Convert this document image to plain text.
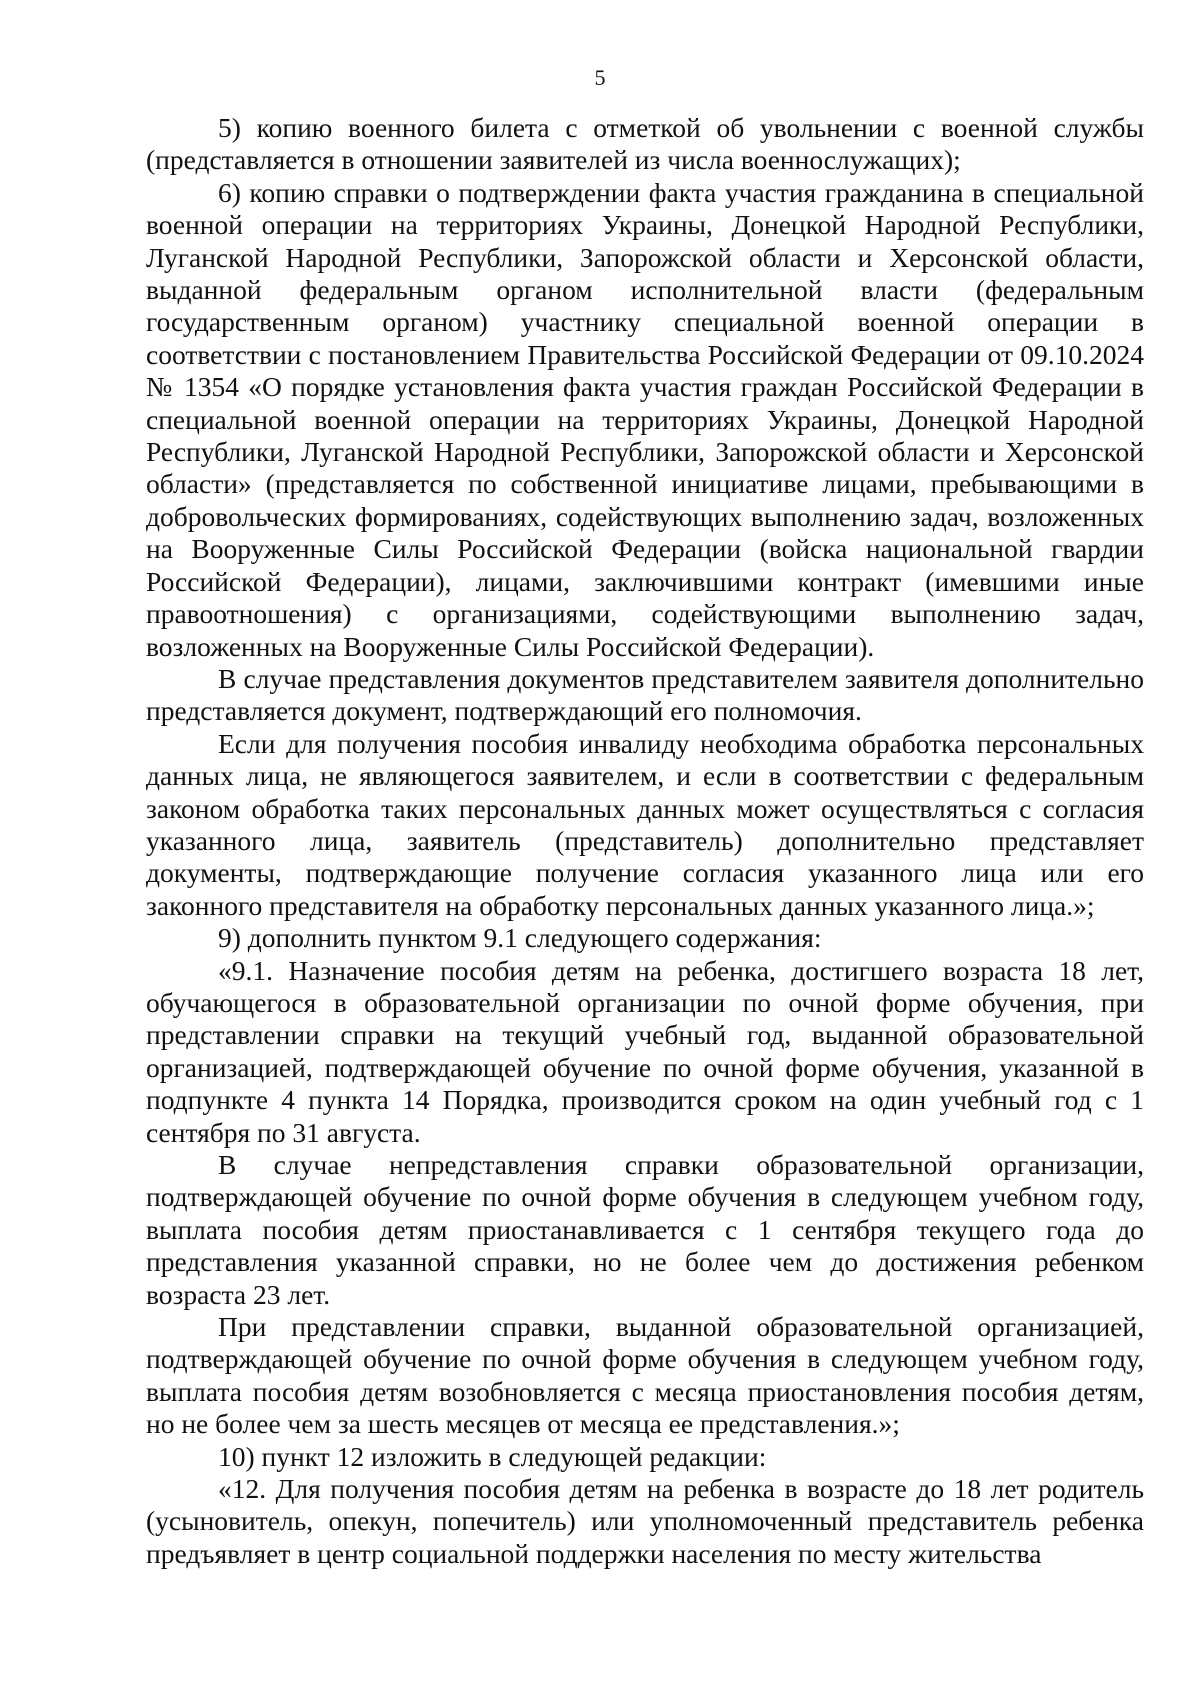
5

5) копию военного билета с отметкой об увольнении с военной службы (представляется в отношении заявителей из числа военнослужащих);

6) копию справки о подтверждении факта участия гражданина в специальной военной операции на территориях Украины, Донецкой Народной Республики, Луганской Народной Республики, Запорожской области и Херсонской области, выданной федеральным органом исполнительной власти (федеральным государственным органом) участнику специальной военной операции в соответствии с постановлением Правительства Российской Федерации от 09.10.2024 № 1354 «О порядке установления факта участия граждан Российской Федерации в специальной военной операции на территориях Украины, Донецкой Народной Республики, Луганской Народной Республики, Запорожской области и Херсонской области» (представляется по собственной инициативе лицами, пребывающими в добровольческих формированиях, содействующих выполнению задач, возложенных на Вооруженные Силы Российской Федерации (войска национальной гвардии Российской Федерации), лицами, заключившими контракт (имевшими иные правоотношения) с организациями, содействующими выполнению задач, возложенных на Вооруженные Силы Российской Федерации).

В случае представления документов представителем заявителя дополнительно представляется документ, подтверждающий его полномочия.

Если для получения пособия инвалиду необходима обработка персональных данных лица, не являющегося заявителем, и если в соответствии с федеральным законом обработка таких персональных данных может осуществляться с согласия указанного лица, заявитель (представитель) дополнительно представляет документы, подтверждающие получение согласия указанного лица или его законного представителя на обработку персональных данных указанного лица.»;

9) дополнить пунктом 9.1 следующего содержания:

«9.1. Назначение пособия детям на ребенка, достигшего возраста 18 лет, обучающегося в образовательной организации по очной форме обучения, при представлении справки на текущий учебный год, выданной образовательной организацией, подтверждающей обучение по очной форме обучения, указанной в подпункте 4 пункта 14 Порядка, производится сроком на один учебный год с 1 сентября по 31 августа.

В случае непредставления справки образовательной организации, подтверждающей обучение по очной форме обучения в следующем учебном году, выплата пособия детям приостанавливается с 1 сентября текущего года до представления указанной справки, но не более чем до достижения ребенком возраста 23 лет.

При представлении справки, выданной образовательной организацией, подтверждающей обучение по очной форме обучения в следующем учебном году, выплата пособия детям возобновляется с месяца приостановления пособия детям, но не более чем за шесть месяцев от месяца ее представления.»;

10) пункт 12 изложить в следующей редакции:

«12. Для получения пособия детям на ребенка в возрасте до 18 лет родитель (усыновитель, опекун, попечитель) или уполномоченный представитель ребенка предъявляет в центр социальной поддержки населения по месту жительства
